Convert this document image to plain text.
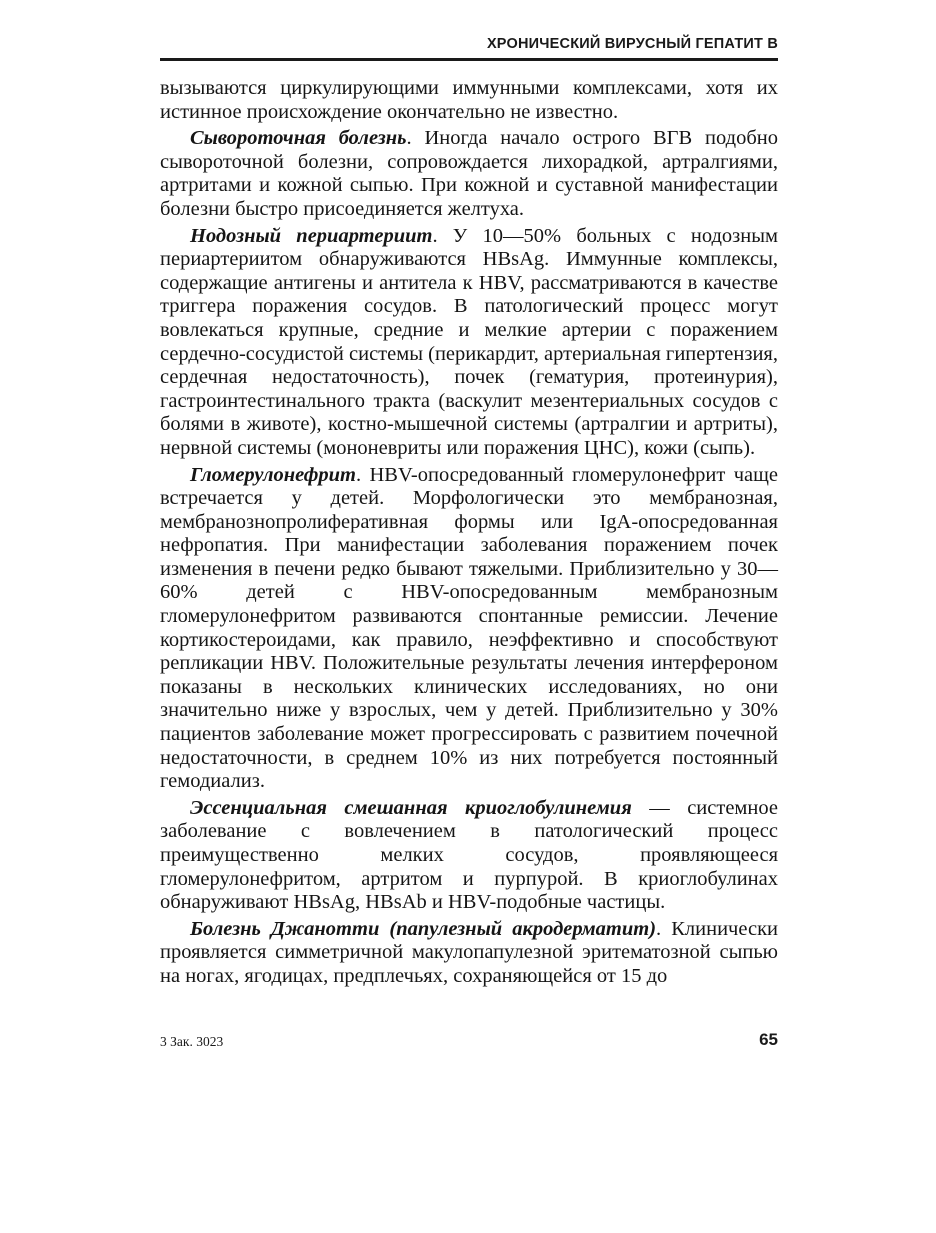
ХРОНИЧЕСКИЙ ВИРУСНЫЙ ГЕПАТИТ В

вызываются циркулирующими иммунными комплексами, хотя их истинное происхождение окончательно не известно.

Сывороточная болезнь. Иногда начало острого ВГВ подобно сывороточной болезни, сопровождается лихорадкой, артралгиями, артритами и кожной сыпью. При кожной и суставной манифестации болезни быстро присоединяется желтуха.

Нодозный периартериит. У 10—50% больных с нодозным периартериитом обнаруживаются HBsAg. Иммунные комплексы, содержащие антигены и антитела к HBV, рассматриваются в качестве триггера поражения сосудов. В патологический процесс могут вовлекаться крупные, средние и мелкие артерии с поражением сердечно-сосудистой системы (перикардит, артериальная гипертензия, сердечная недостаточность), почек (гематурия, протеинурия), гастроинтестинального тракта (васкулит мезентериальных сосудов с болями в животе), костно-мышечной системы (артралгии и артриты), нервной системы (мононевриты или поражения ЦНС), кожи (сыпь).

Гломерулонефрит. HBV-опосредованный гломерулонефрит чаще встречается у детей. Морфологически это мембранозная, мембранознопролиферативная формы или IgA-опосредованная нефропатия. При манифестации заболевания поражением почек изменения в печени редко бывают тяжелыми. Приблизительно у 30—60% детей с HBV-опосредованным мембранозным гломерулонефритом развиваются спонтанные ремиссии. Лечение кортикостероидами, как правило, неэффективно и способствуют репликации HBV. Положительные результаты лечения интерфероном показаны в нескольких клинических исследованиях, но они значительно ниже у взрослых, чем у детей. Приблизительно у 30% пациентов заболевание может прогрессировать с развитием почечной недостаточности, в среднем 10% из них потребуется постоянный гемодиализ.

Эссенциальная смешанная криоглобулинемия — системное заболевание с вовлечением в патологический процесс преимущественно мелких сосудов, проявляющееся гломерулонефритом, артритом и пурпурой. В криоглобулинах обнаруживают HBsAg, HBsAb и HBV-подобные частицы.

Болезнь Джанотти (папулезный акродерматит). Клинически проявляется симметричной макулопапулезной эритематозной сыпью на ногах, ягодицах, предплечьях, сохраняющейся от 15 до

3 Зак. 3023	65
